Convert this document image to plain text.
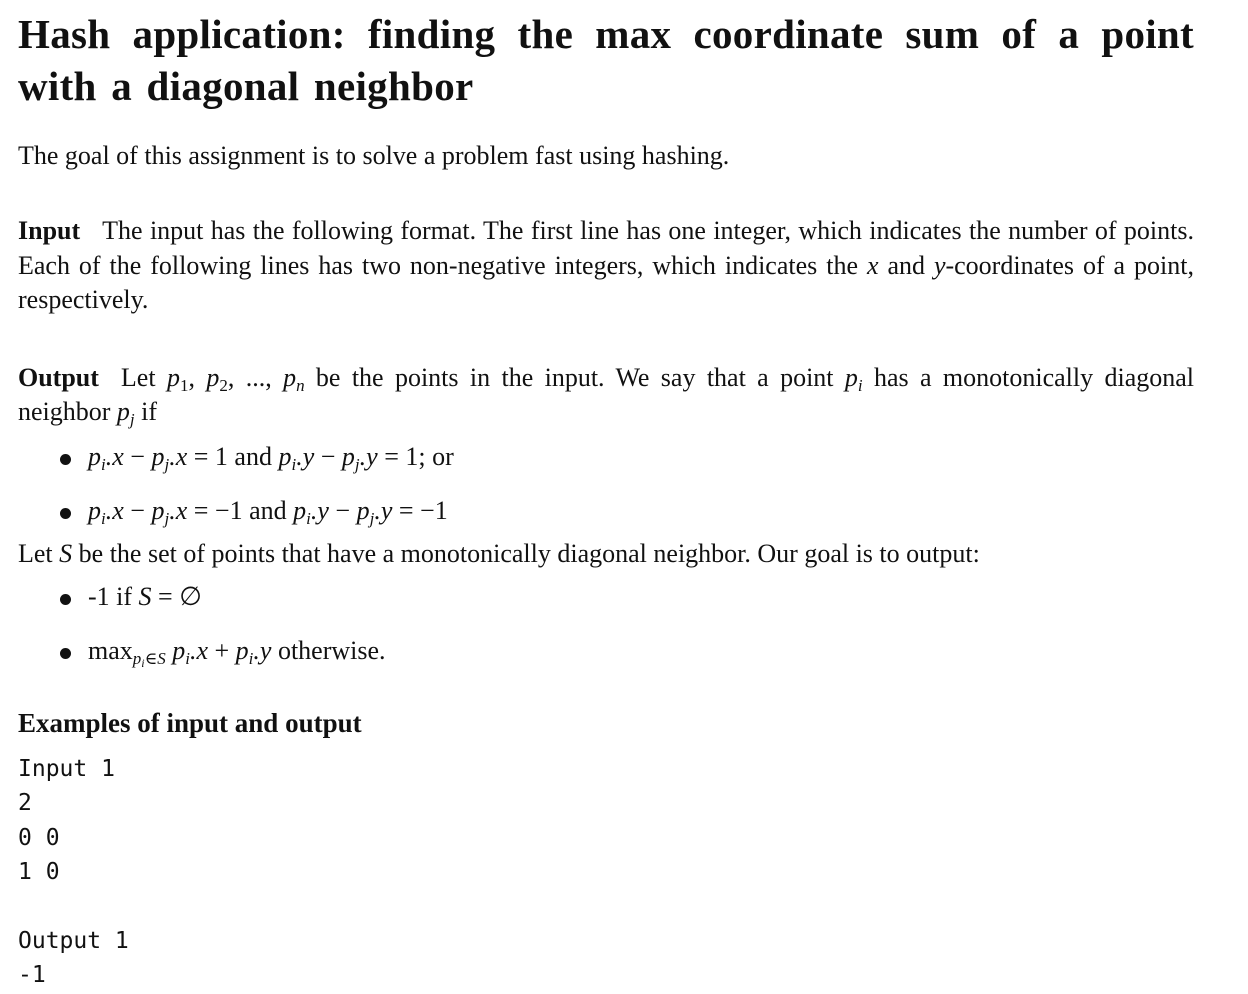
Hash application: finding the max coordinate sum of a point with a diagonal neighbor

The goal of this assignment is to solve a problem fast using hashing.

Input The input has the following format. The first line has one integer, which indicates the number of points. Each of the following lines has two non-negative integers, which indicates the x and y-coordinates of a point, respectively.

Output Let $p_1$, $p_2$, ..., $p_n$ be the points in the input. We say that a point $p_i$ has a monotonically diagonal neighbor $p_j$ if

$p_i.x - p_j.x = 1$ and $p_i.y - p_j.y = 1$; or
$p_i.x - p_j.x = -1$ and $p_i.y - p_j.y = -1$

Let S be the set of points that have a monotonically diagonal neighbor. Our goal is to output:

-1 if S = ∅
$\max_{p_i\in S} p_i.x + p_i.y$ otherwise.
Examples of input and output
Input 1
2
0 0
1 0
Output 1
-1
